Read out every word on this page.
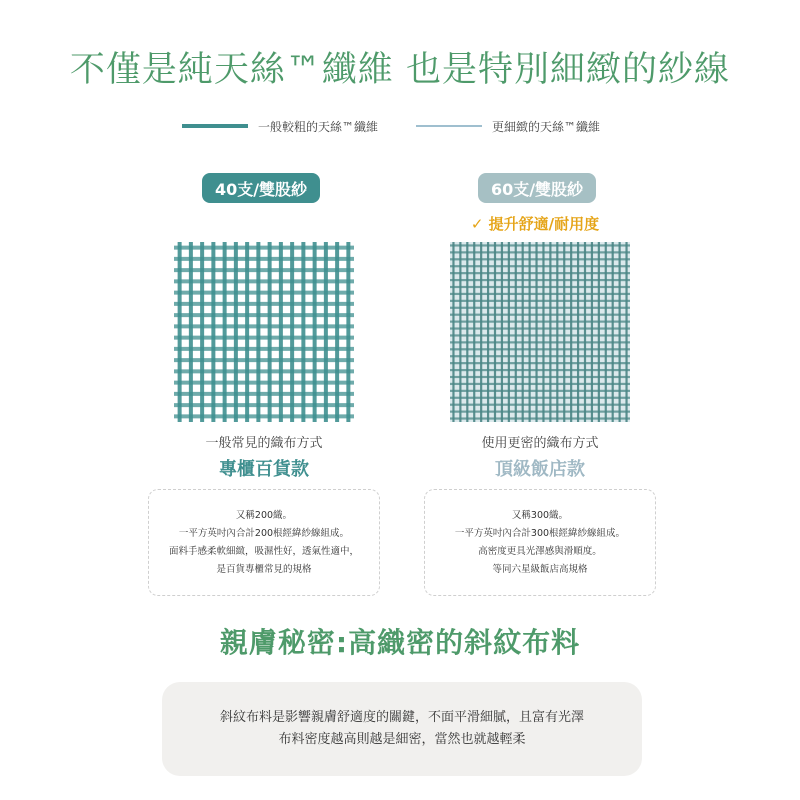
不僅是純天絲™纖維 也是特別細緻的紗線
一般較粗的天絲™纖維	更細緻的天絲™纖維
40支/雙股紗	60支/雙股紗
✓ 提升舒適/耐用度
一般常見的織布方式	使用更密的織布方式
專櫃百貨款	頂級飯店款
又稱200織。
一平方英吋內合計200根經緯紗線組成。
面料手感柔軟細緻，吸濕性好，透氣性適中，
是百貨專櫃常見的規格
又稱300織。
一平方英吋內合計300根經緯紗線組成。
高密度更具光澤感與滑順度。
等同六星級飯店高規格
親膚秘密:高織密的斜紋布料
斜紋布料是影響親膚舒適度的關鍵，不面平滑細膩，且富有光澤
布料密度越高則越是細密，當然也就越輕柔
